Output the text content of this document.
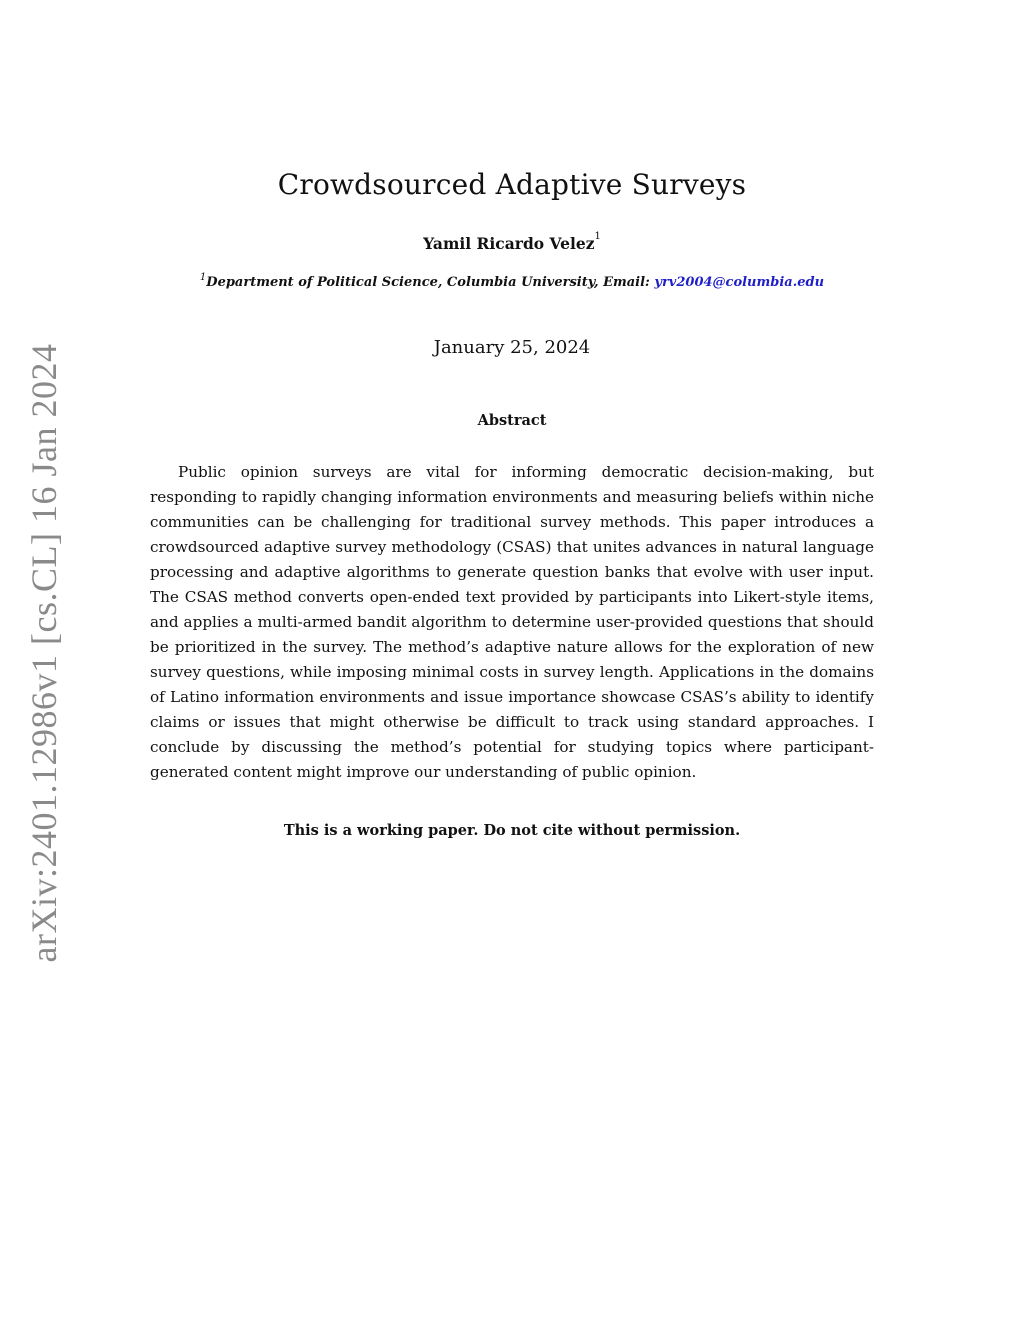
arXiv:2401.12986v1 [cs.CL] 16 Jan 2024
Crowdsourced Adaptive Surveys
Yamil Ricardo Velez$^1$
$^1$Department of Political Science, Columbia University, Email: yrv2004@columbia.edu
January 25, 2024
Abstract

Public opinion surveys are vital for informing democratic decision-making, but responding to rapidly changing information environments and measuring beliefs within niche communities can be challenging for traditional survey methods. This paper introduces a crowdsourced adaptive survey methodology (CSAS) that unites advances in natural language processing and adaptive algorithms to generate question banks that evolve with user input. The CSAS method converts open-ended text provided by participants into Likert-style items, and applies a multi-armed bandit algorithm to determine user-provided questions that should be prioritized in the survey. The method’s adaptive nature allows for the exploration of new survey questions, while imposing minimal costs in survey length. Applications in the domains of Latino information environments and issue importance showcase CSAS’s ability to identify claims or issues that might otherwise be difficult to track using standard approaches. I conclude by discussing the method’s potential for studying topics where participant-generated content might improve our understanding of public opinion.

This is a working paper. Do not cite without permission.
